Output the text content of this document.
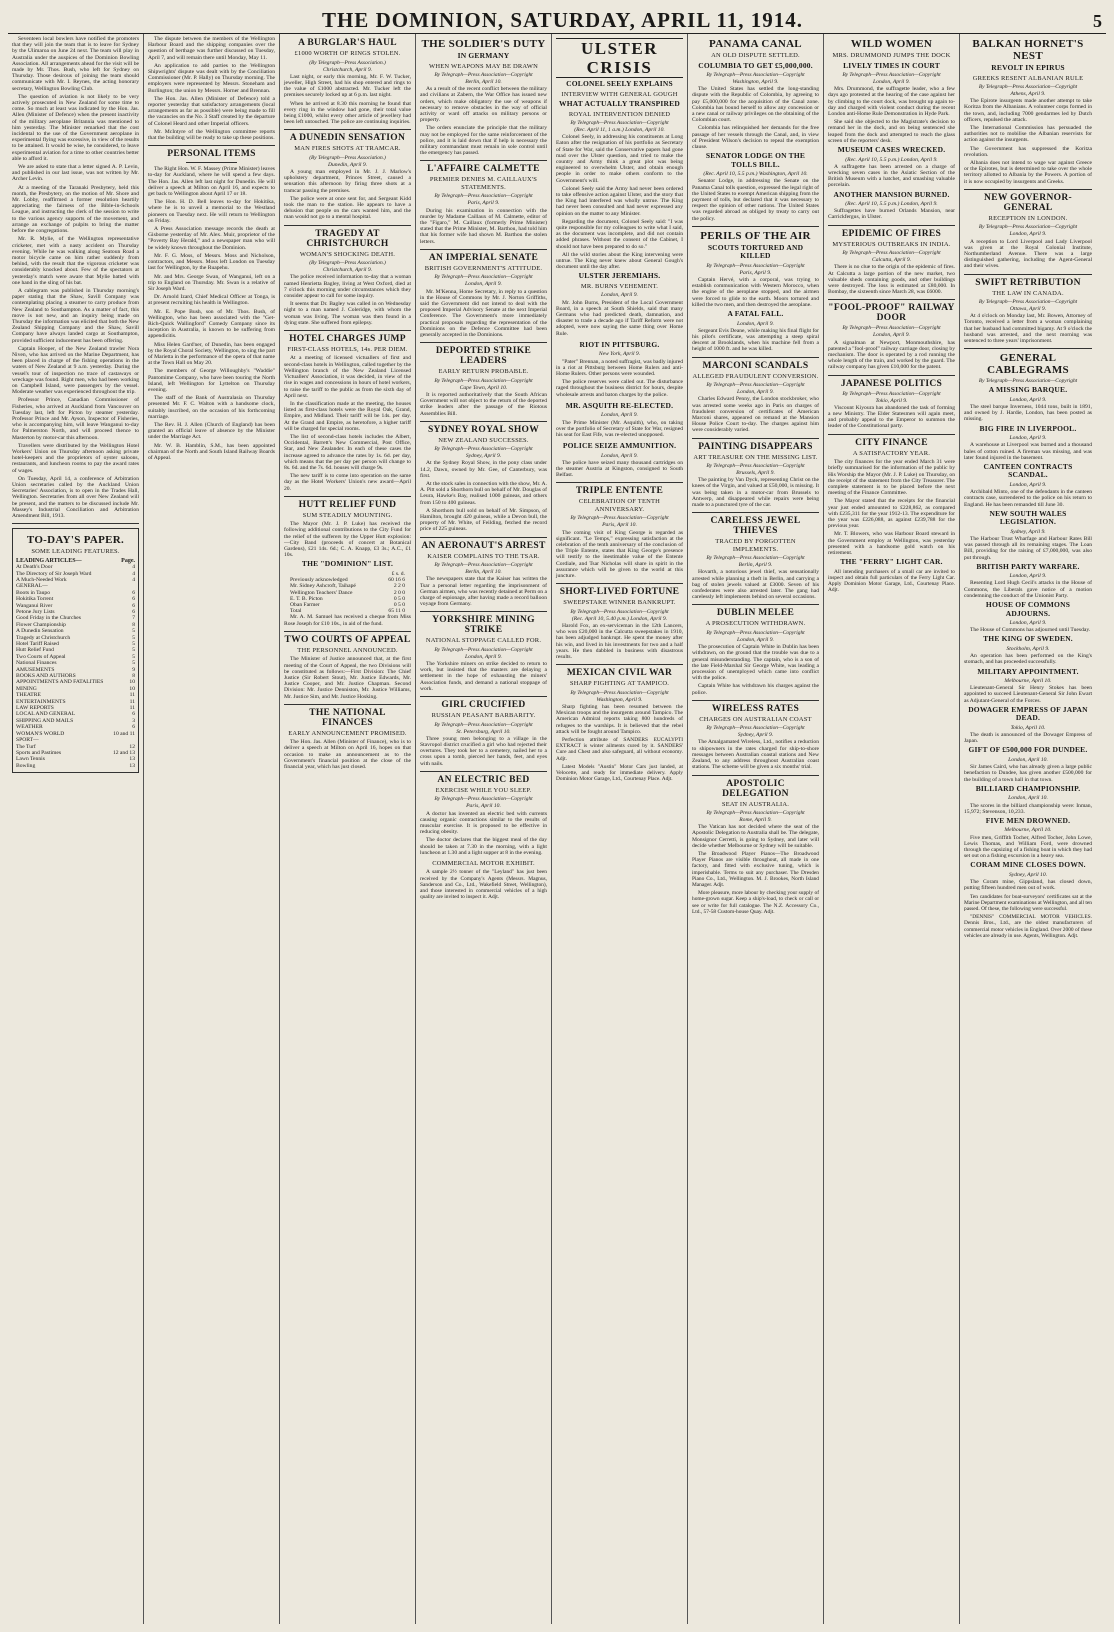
THE DOMINION, SATURDAY, APRIL 11, 1914.	5

Seventeen local bowlers have notified the promoters that they will join the team that is to leave for Sydney by the Ulimaroa on June 24 next. The team will play in Australia under the auspices of the Dominion Bowling Association. All arrangements ahead for the visit will be made by Mr. Thos. Bush, who left for Sydney on Thursday. Those desirous of joining the team should communicate with Mr. I. Reynes, the acting honorary secretary, Wellington Bowling Club.

The question of aviation is not likely to be very actively prosecuted in New Zealand for some time to come. So much at least was indicated by the Hon. Jas. Allen (Minister of Defence) when the present inactivity of the military aeroplane Britannia was mentioned to him yesterday. The Minister remarked that the cost incidental to the use of the Government aeroplane in experimental flying was excessive, in view of the results to be attained. It would be wise, he considered, to leave experimental aviation for a time to other countries better able to afford it.

We are asked to state that a letter signed A. P. Levin, and published in our last issue, was not written by Mr. Archer Levin.

At a meeting of the Taranaki Presbytery, held this month, the Presbytery, on the motion of Mr. Shore and Mr. Lobby, reaffirmed a former resolution heartily appreciating the fairness of the Bible-in-Schools League, and instructing the clerk of the session to write to the various agency supports of the movement, and arrange an exchange of pulpits to bring the matter before the congregations.

Mr. R. Mylie, of the Wellington representative cricketer, met with a nasty accident on Thursday evening. While he was walking along Seatoun Road a motor bicycle came on him rather suddenly from behind, with the result that the vigorous cricketer was considerably knocked about. Few of the spectators at yesterday's match were aware that Mylie batted with one hand in the sling of his bat.

A cablegram was published in Thursday morning's paper stating that the Shaw, Savill Company was contemplating placing a steamer to carry produce from New Zealand to Southampton. As a matter of fact, this move is not new, and an inquiry being made on Thursday the information was elicited that both the New Zealand Shipping Company and the Shaw, Savill Company have always landed cargo at Southampton, provided sufficient inducement has been offering.

Captain Hooper, of the New Zealand trawler Nora Niven, who has arrived on the Marine Department, has been placed in charge of the fishing operations in the waters of New Zealand at 9 a.m. yesterday. During the vessel's tour of inspection no trace of castaways or wreckage was found. Right men, who had been working on Campbell Island, were passengers by the vessel. Moderate weather was experienced throughout the trip.

Professor Prince, Canadian Commissioner of Fisheries, who arrived at Auckland from Vancouver on Tuesday last, left for Picton by steamer yesterday. Professor Prince and Mr. Ayson, Inspector of Fisheries, who is accompanying him, will leave Wanganui to-day for Palmerston North, and will proceed thence to Masterton by motor-car this afternoon.

Travellers were distributed by the Wellington Hotel Workers' Union on Thursday afternoon asking private hotel-keepers and the proprietors of oyster saloons, restaurants, and luncheon rooms to pay the award rates of wages.

On Tuesday, April 14, a conference of Arbitration Union secretaries called by the Auckland Union Secretaries' Association, is to open in the Trades Hall, Wellington. Secretaries from all over New Zealand will be present, and the matters to be discussed include Mr. Massey's Industrial Conciliation and Arbitration Amendment Bill, 1913.

TO-DAY'S PAPER.
SOME LEADING FEATURES.
LEADING ARTICLES—	Page.
At Death's Door	4
The Directory of Sir Joseph Ward	4
A Much-Needed Work	4
GENERAL—
Boots in Taupo	6
Hokitika Torrent	6
Wanganui River	6
Petone Jury Lists	6
Good Friday in the Churches	7
Flower Championship	8
A Dunedin Sensation	5
Tragedy at Christchurch	5
Hotel Tariff Raised	5
Hutt Relief Fund	5
Two Courts of Appeal	5
National Finances	5
AMUSEMENTS	9
BOOKS AND AUTHORS	8
APPOINTMENTS AND FATALITIES	10
MINING	10
THEATRE	11
ENTERTAINMENTS	11
LAW REPORTS	11
LOCAL AND GENERAL	6
SHIPPING AND MAILS	3
WEATHER	6
WOMAN'S WORLD	10 and 11
SPORT—
The Turf	12
Sports and Pastimes	12 and 13
Lawn Tennis	13
Bowling	13

The dispute between the members of the Wellington Harbour Board and the shipping companies over the question of berthage was further discussed on Tuesday, April 7, and will remain there until Monday, May 11.

An application to add parties to the Wellington Shipwrights' dispute was dealt with by the Conciliation Commissioner (Mr. P. Hally) on Thursday morning. The employers were represented by Messrs. Stoneham and Burlington; the union by Messrs. Horner and Brennan.

The Hon. Jas. Allen (Minister of Defence) told a reporter yesterday that satisfactory arrangements (local arrangements as far as possible) were being made to fill the vacancies on the No. 3 Staff created by the departure of Colonel Heard and other Imperial officers.

Mr. McIntyre of the Wellington committee reports that the building will be ready to take up these positions.

PERSONAL ITEMS

The Right Hon. W. F. Massey (Prime Minister) leaves to-day for Auckland, where he will spend a few days. The Hon. Jas. Allen left last night for Dunedin. He will deliver a speech at Milton on April 16, and expects to get back to Wellington about April 17 or 18.

The Hon. H. D. Bell leaves to-day for Hokitika, where he is to unveil a memorial to the Westland pioneers on Tuesday next. He will return to Wellington on Friday.

A Press Association message records the death at Gisborne yesterday of Mr. Alex. Muir, proprietor of the "Poverty Bay Herald," and a newspaper man who will be widely known throughout the Dominion.

Mr. F. G. Moss, of Messrs. Moss and Nicholson, contractors, and Messrs. Moss left London on Tuesday last for Wellington, by the Ruapehu.

Mr. and Mrs. George Swan, of Wanganui, left on a trip to England on Thursday. Mr. Swan is a relative of Sir Joseph Ward.

Dr. Arnold Izard, Chief Medical Officer at Tonga, is at present recruiting his health in Wellington.

Mr. E. Pope Bush, son of Mr. Thos. Bush, of Wellington, who has been associated with the "Get-Rich-Quick Wallingford" Comedy Company since its inception in Australia, is known to be suffering from appendicitis.

Miss Helen Gard'ner, of Dunedin, has been engaged by the Royal Choral Society, Wellington, to sing the part of Marietta in the performance of the opera of that name at the Town Hall on May 20.

The members of George Willoughby's "Waddie" Pantomime Company, who have been touring the North Island, left Wellington for Lyttelton on Thursday evening.

The staff of the Bank of Australasia on Thursday presented Mr. F. C. Walton with a handsome clock, suitably inscribed, on the occasion of his forthcoming marriage.

The Rev. H. J. Allen (Church of England) has been granted an official leave of absence by the Minister under the Marriage Act.

Mr. W. B. Hamblin, S.M., has been appointed chairman of the North and South Island Railway Boards of Appeal.

A BURGLAR'S HAUL
£1000 WORTH OF RINGS STOLEN.
(By Telegraph—Press Association.)
Christchurch, April 9.

Last night, or early this morning, Mr. F. W. Tucker, jeweller, High Street, had his shop entered and rings to the value of £1000 abstracted. Mr. Tucker left the premises securely locked up at 6 p.m. last night.

When he arrived at 8.30 this morning he found that every ring in the window had gone, their total value being £1000, whilst every other article of jewellery had been left untouched. The police are continuing inquiries.

A DUNEDIN SENSATION
MAN FIRES SHOTS AT TRAMCAR.
(By Telegraph—Press Association.)
Dunedin, April 9.

A young man employed in Mr. J. J. Marlow's upholstery department, Princes Street, caused a sensation this afternoon by firing three shots at a tramcar passing the premises.

The police were at once sent for, and Sergeant Kidd took the man to the station. He appears to have a delusion that people on the cars wanted him, and the man would not go to a mental hospital.

TRAGEDY AT CHRISTCHURCH
WOMAN'S SHOCKING DEATH.
(By Telegraph—Press Association.)
Christchurch, April 9.

The police received information to-day that a woman named Henrietta Bagley, living at West Oxford, died at 7 o'clock this morning under circumstances which they consider appear to call for some inquiry.

It seems that Dr. Bagley was called in on Wednesday night to a man named J. Coleridge, with whom the woman was living. The woman was then found in a dying state. She suffered from epilepsy.

HOTEL CHARGES JUMP
FIRST-CLASS HOTELS, 14s. PER DIEM.

At a meeting of licensed victuallers of first and second-class hotels in Wellington, called together by the Wellington branch of the New Zealand Licensed Victuallers' Association, it was decided, in view of the rise in wages and concessions in hours of hotel workers, to raise the tariff to the public as from the sixth day of April next.

In the classification made at the meeting, the houses listed as first-class hotels were the Royal Oak, Grand, Empire, and Midland. Their tariff will be 14s. per day. At the Grand and Empire, as heretofore, a higher tariff will be charged for special rooms.

The list of second-class hotels includes the Albert, Occidental, Barrett's New Commercial, Post Office, Star, and New Zealander. In each of these cases the increase agreed to advance the rates by 1s. 6d. per day, which means that the per day per person will change to 8s. 6d. and the 7s. 6d. houses will charge 9s.

The new tariff is to come into operation on the same day as the Hotel Workers' Union's new award—April 20.

HUTT RELIEF FUND
SUM STEADILY MOUNTING.

The Mayor (Mr. J. P. Luke) has received the following additional contributions to the City Fund for the relief of the sufferers by the Upper Hutt explosion:—City Band (proceeds of concert at Botanical Gardens), £21 14s. 6d.; C. A. Knapp, £3 3s.; A.C., £1 10s.

THE "DOMINION" LIST.
£ s. d.
Previously acknowledged	60 16 6
Mr. Sidney Ashcroft, Taihapé	2 2 0
Wellington Teachers' Dance	2 0 0
E. T. B. Picton	0 5 0
Oban Farmer	0 5 0
Total	65 11 0

Mr. A. M. Samuel has received a cheque from Miss Rose Joseph for £10 10s., in aid of the fund.

TWO COURTS OF APPEAL
THE PERSONNEL ANNOUNCED.

The Minister of Justice announced that, at the first meeting of the Court of Appeal, the two Divisions will be constituted as follows:—First Division: The Chief Justice (Sir Robert Stout), Mr. Justice Edwards, Mr. Justice Cooper, and Mr. Justice Chapman. Second Division: Mr. Justice Denniston, Mr. Justice Williams, Mr. Justice Sim, and Mr. Justice Hosking.

THE NATIONAL FINANCES
EARLY ANNOUNCEMENT PROMISED.

The Hon. Jas. Allen (Minister of Finance), who is to deliver a speech at Milton on April 16, hopes on that occasion to make an announcement as to the Government's financial position at the close of the financial year, which has just closed.

THE SOLDIER'S DUTY
IN GERMANY
WHEN WEAPONS MAY BE DRAWN
By Telegraph—Press Association—Copyright
Berlin, April 10.

As a result of the recent conflict between the military and civilians at Zabern, the War Office has issued new orders, which make obligatory the use of weapons if necessary to remove obstacles in the way of official activity or ward off attacks on military persons or property.

The orders enunciate the principle that the military may not be employed for the same reinforcement of the police, and it is laid down that if help is necessary the military commandant must remain in sole control until the emergency has passed.

L'AFFAIRE CALMETTE
PREMIER DENIES M. CAILLAUX'S STATEMENTS.
By Telegraph—Press Association—Copyright
Paris, April 9.

During his examination in connection with the murder by Madame Caillaux of M. Calmette, editor of the "Figaro," M. Caillaux (formerly Prime Minister) stated that the Prime Minister, M. Barthou, had told him that his former wife had shown M. Barthou the stolen letters.

AN IMPERIAL SENATE
BRITISH GOVERNMENT'S ATTITUDE.
By Telegraph—Press Association—Copyright
London, April 9.

Mr. M'Kenna, Home Secretary, in reply to a question in the House of Commons by Mr. J. Norton Griffiths, said the Government did not intend to deal with the proposed Imperial Advisory Senate at the next Imperial Conference. The Government's more immediately practical proposals regarding the representation of the Dominions on the Defence Committee had been generally accepted in the Dominions.

DEPORTED STRIKE LEADERS
EARLY RETURN PROBABLE.
By Telegraph—Press Association—Copyright
Cape Town, April 10.

It is reported authoritatively that the South African Government will not object to the return of the deported strike leaders after the passage of the Riotous Assemblies Bill.

SYDNEY ROYAL SHOW
NEW ZEALAND SUCCESSES.
By Telegraph—Press Association—Copyright
Sydney, April 9.

At the Sydney Royal Show, in the pony class under 14.2, Dawn, owned by Mr. Gee, of Canterbury, was first.

At the stock sales in connection with the show, Mr. A. A. Pitt sold a Shorthorn bull on behalf of Mr. Douglas of Leura, Hawke's Bay, realised 1000 guineas, and others from 150 to 400 guineas.

A Shorthorn bull sold on behalf of Mr. Simpson, of Hamilton, brought 420 guineas, while a Devon bull, the property of Mr. White, of Feilding, fetched the record price of 225 guineas.

AN AERONAUT'S ARREST
KAISER COMPLAINS TO THE TSAR.
By Telegraph—Press Association—Copyright
Berlin, April 10.

The newspapers state that the Kaiser has written the Tsar a personal letter regarding the imprisonment of German airmen, who was recently detained at Perm on a charge of espionage, after having made a record balloon voyage from Germany.

YORKSHIRE MINING STRIKE
NATIONAL STOPPAGE CALLED FOR.
By Telegraph—Press Association—Copyright
London, April 9.

The Yorkshire miners on strike decided to return to work, but insisted that the masters are delaying a settlement in the hope of exhausting the miners' Association funds, and demand a national stoppage of work.

GIRL CRUCIFIED
RUSSIAN PEASANT BARBARITY.
By Telegraph—Press Association—Copyright
St. Petersburg, April 10.

Three young men belonging to a village in the Stavropol district crucified a girl who had rejected their overtures. They took her to a cemetery, nailed her to a cross upon a tomb, pierced her hands, feet, and eyes with nails.

AN ELECTRIC BED
EXERCISE WHILE YOU SLEEP.
By Telegraph—Press Association—Copyright
Paris, April 10.

A doctor has invented an electric bed with currents causing organic contractions similar to the results of muscular exercise. It is proposed to be effective in reducing obesity.

The doctor declares that the biggest meal of the day should be taken at 7.30 in the morning, with a light luncheon at 1.30 and a light supper at 8 in the evening.

COMMERCIAL MOTOR EXHIBIT.

A sample 2½ tonner of the "Leyland" has just been received by the Company's Agents (Messrs. Magnus, Sanderson and Co., Ltd., Wakefield Street, Wellington), and those interested in commercial vehicles of a high quality are invited to inspect it. Adjt.

ULSTER CRISIS
COLONEL SEELY EXPLAINS
INTERVIEW WITH GENERAL GOUGH
WHAT ACTUALLY TRANSPIRED
ROYAL INTERVENTION DENIED
By Telegraph—Press Association—Copyright
(Rec. April 11, 1 a.m.) London, April 10.

Colonel Seely, in addressing his constituents at Long Eaton after the resignation of his portfolio as Secretary of State for War, said the Conservative papers had gone mad over the Ulster question, and tried to make the country and Army think a great plot was being engineered to overwhelm Ulster, and obtain enough people in order to make others conform to the Government's will.

Colonel Seely said the Army had never been ordered to take offensive action against Ulster, and the story that the King had interfered was wholly untrue. The King had never been consulted and had never expressed any opinion on the matter to any Minister.

Regarding the document, Colonel Seely said: "I was quite responsible for my colleagues to write what I said, as the document was incomplete, and did not contain added phrases. Without the consent of the Cabinet, I should not have been prepared to do so."

All the wild stories about the King intervening were untrue. The King never knew about General Gough's document until the day after.

ULSTER JEREMIAHS.
MR. BURNS VEHEMENT.
London, April 9.

Mr. John Burns, President of the Local Government Board, in a speech at South Shields, said that many Germans who had predicted death, damnation, and disaster to trade a decade ago if Tariff Reform were not adopted, were now saying the same thing over Home Rule.

RIOT IN PITTSBURG.
New York, April 9.

"Pater" Brennan, a noted suffragist, was badly injured in a riot at Pittsburg between Home Rulers and anti-Home Rulers. Other persons were wounded.

The police reserves were called out. The disturbance raged throughout the business district for hours, despite wholesale arrests and baton charges by the police.

MR. ASQUITH RE-ELECTED.
London, April 9.

The Prime Minister (Mr. Asquith), who, on taking over the portfolio of Secretary of State for War, resigned his seat for East Fife, was re-elected unopposed.

POLICE SEIZE AMMUNITION.
London, April 9.

The police have seized many thousand cartridges on the steamer Austria at Kingston, consigned to South Belfast.

TRIPLE ENTENTE
CELEBRATION OF TENTH ANNIVERSARY.
By Telegraph—Press Association—Copyright
Paris, April 10.

The coming visit of King George is regarded as significant. "Le Temps," expressing satisfaction at the celebration of the tenth anniversary of the conclusion of the Triple Entente, states that King George's presence will testify to the inestimable value of the Entente Cordiale, and Tsar Nicholas will share in spirit in the assurance which will be given to the world at this juncture.

SHORT-LIVED FORTUNE
SWEEPSTAKE WINNER BANKRUPT.
By Telegraph—Press Association—Copyright
(Rec. April 10, 5.40 p.m.) London, April 9.

Harold Fox, an ex-serviceman in the 12th Lancers, who won £20,000 in the Calcutta sweepstakes in 1910, has been adjudged bankrupt. He spent the money after his win, and lived in his investments for two and a half years. He then dabbled in business with disastrous results.

MEXICAN CIVIL WAR
SHARP FIGHTING AT TAMPICO.
By Telegraph—Press Association—Copyright
Washington, April 9.

Sharp fighting has been resumed between the Mexican troops and the insurgents around Tampico. The American Admiral reports taking 800 hundreds of refugees to the warships. It is believed that the rebel attack will be fought around Tampico.

Perfection attribute of SANDERS EUCALYPTI EXTRACT is winter ailments cured by it. SANDERS' Cure and Chest and also safeguard, all without economy. Adjt.

Latest Models "Austin" Motor Cars just landed, at Velocette, and ready for immediate delivery. Apply Dominion Motor Garage, Ltd., Courtenay Place. Adjt.

PANAMA CANAL
AN OLD DISPUTE SETTLED.
COLUMBIA TO GET £5,000,000.
By Telegraph—Press Association—Copyright
Washington, April 9.

The United States has settled the long-standing dispute with the Republic of Colombia, by agreeing to pay £5,000,000 for the acquisition of the Canal zone. Colombia has bound herself to allow any concession or a new canal or railway privileges on the obtaining of the Colombian court.

Colombia has relinquished her demands for the free passage of her vessels through the Canal, and, in view of President Wilson's decision to repeal the exemption clause.

SENATOR LODGE ON THE TOLLS BILL.
(Rec. April 10, 5.5 p.m.) Washington, April 10.

Senator Lodge, in addressing the Senate on the Panama Canal tolls question, expressed the legal right of the United States to exempt American shipping from the payment of tolls, but declared that it was necessary to respect the opinion of other nations. The United States was regarded abroad as obliged by treaty to carry out the policy.

PERILS OF THE AIR
SCOUTS TORTURED AND KILLED
By Telegraph—Press Association—Copyright
Paris, April 9.

Captain Hervé, with a corporal, was trying to establish communication with Western Morocco, when the engine of the aeroplane stopped, and the airmen were forced to glide to the earth. Moors tortured and killed the two men, and then destroyed the aeroplane.

A FATAL FALL.
London, April 9.

Sergeant Evis Deane, while making his final flight for his pilot's certificate, was attempting a steep spiral descent at Brooklands, when his machine fell from a height of 1000 ft. and he was killed.

MARCONI SCANDALS
ALLEGED FRAUDULENT CONVERSION.
By Telegraph—Press Association—Copyright
London, April 9.

Charles Edward Penny, the London stockbroker, who was arrested some weeks ago in Paris on charges of fraudulent conversion of certificates of American Marconi shares, appeared on remand at the Mansion House Police Court to-day. The charges against him were considerably varied.

PAINTING DISAPPEARS
ART TREASURE ON THE MISSING LIST.
By Telegraph—Press Association—Copyright
Brussels, April 9.

The painting by Van Dyck, representing Christ on the knees of the Virgin, and valued at £50,000, is missing. It was being taken in a motor-car from Brussels to Antwerp, and disappeared while repairs were being made to a punctured tyre of the car.

CARELESS JEWEL THIEVES
TRACED BY FORGOTTEN IMPLEMENTS.
By Telegraph—Press Association—Copyright
Berlin, April 9.

Hovarth, a notorious jewel thief, was sensationally arrested while planning a theft in Berlin, and carrying a bag of stolen jewels valued at £3000. Seven of his confederates were also arrested later. The gang had carelessly left implements behind on several occasions.

DUBLIN MELEE
A PROSECUTION WITHDRAWN.
By Telegraph—Press Association—Copyright
London, April 9.

The prosecution of Captain White in Dublin has been withdrawn, on the ground that the trouble was due to a general misunderstanding. The captain, who is a son of the late Field-Marshal Sir George White, was leading a procession of unemployed which came into conflict with the police.

Captain White has withdrawn his charges against the police.

WIRELESS RATES
CHARGES ON AUSTRALIAN COAST
By Telegraph—Press Association—Copyright
Sydney, April 9.

The Amalgamated Wireless, Ltd., notifies a reduction to shipowners in the rates charged for ship-to-shore messages between Australian coastal stations and New Zealand, to any address throughout Australian coast stations. The scheme will be given a six months' trial.

APOSTOLIC DELEGATION
SEAT IN AUSTRALIA.
By Telegraph—Press Association—Copyright
Rome, April 9.

The Vatican has not decided where the seat of the Apostolic Delegation to Australia shall be. The delegate, Monsignor Cerretti, is going to Sydney, and later will decide whether Melbourne or Sydney will be suitable.

The Broadwood Player Pianos—The Broadwood Player Pianos are visible throughout, all made in one factory, and fitted with exclusive tuning, which is imperishable. Terms to suit any purchaser. The Dresden Piano Co., Ltd., Wellington. M. J. Brookes, North Island Manager. Adjt.

More pleasure, more labour by checking your supply of home-grown sugar. Keep a ship's-load, to check or call or see or write for full catalogue. The N.Z. Accessory Co., Ltd., 57-58 Custom-house Quay. Adjt.

WILD WOMEN
MRS. DRUMMOND JUMPS THE DOCK
LIVELY TIMES IN COURT
By Telegraph—Press Association—Copyright
London, April 9.

Mrs. Drummond, the suffragette leader, who a few days ago protested at the hearing of the case against her by climbing to the court dock, was brought up again to-day and charged with violent conduct during the recent London anti-Home Rule Demonstration in Hyde Park.

She said she objected to the Magistrate's decision to remand her in the dock, and on being sentenced she leaped from the dock and attempted to reach the glass screen of the reporters' desk.

MUSEUM CASES WRECKED.
(Rec. April 10, 5.5 p.m.) London, April 9.

A suffragette has been arrested on a charge of wrecking seven cases in the Asiatic Section of the British Museum with a hatchet, and smashing valuable porcelain.

ANOTHER MANSION BURNED.
(Rec. April 10, 5.5 p.m.) London, April 9.

Suffragettes have burned Orlands Mansion, near Carrickfergus, in Ulster.

EPIDEMIC OF FIRES
MYSTERIOUS OUTBREAKS IN INDIA.
By Telegraph—Press Association—Copyright
Calcutta, April 9.

There is no clue to the origin of the epidemic of fires. At Calcutta a large portion of the new market, two valuable sheds containing goods, and other buildings were destroyed. The loss is estimated at £80,000. In Bombay, the sixteenth since March 28, was £6000.

"FOOL-PROOF" RAILWAY DOOR
By Telegraph—Press Association—Copyright
London, April 9.

A signalman at Newport, Monmouthshire, has patented a "fool-proof" railway carriage door, closing by mechanism. The door is operated by a rod running the whole length of the train, and worked by the guard. The railway company has given £10,000 for the patent.

JAPANESE POLITICS
By Telegraph—Press Association—Copyright
Tokio, April 9.

Viscount Kiyoura has abandoned the task of forming a new Ministry. The Elder Statesmen will again meet, and probably appeal to the Emperor to summon the leader of the Constitutional party.

CITY FINANCE
A SATISFACTORY YEAR.

The city finances for the year ended March 31 were briefly summarised for the information of the public by His Worship the Mayor (Mr. J. P. Luke) on Thursday, on the receipt of the statement from the City Treasurer. The complete statement is to be placed before the next meeting of the Finance Committee.

The Mayor stated that the receipts for the financial year just ended amounted to £228,862, as compared with £235,311 for the year 1912-13. The expenditure for the year was £226,088, as against £239,788 for the previous year.

Mr. T. Blowers, who was Harbour Board steward in the Government employ at Wellington, was yesterday presented with a handsome gold watch on his retirement.

THE "FERRY" LIGHT CAR.

All intending purchasers of a small car are invited to inspect and obtain full particulars of the Ferry Light Car. Apply Dominion Motor Garage, Ltd., Courtenay Place. Adjt.

BALKAN HORNET'S NEST
REVOLT IN EPIRUS
GREEKS RESENT ALBANIAN RULE
By Telegraph—Press Association—Copyright
Athens, April 9.

The Epirote insurgents made another attempt to take Koritza from the Albanians. A volunteer corps formed in the town, and, including 7000 gendarmes led by Dutch officers, repulsed the attack.

The International Commission has persuaded the authorities not to mobilise the Albanian reservists for action against the insurgents.

The Government has suppressed the Koritza revolution.

Albania does not intend to wage war against Greece or the Epirotes, but is determined to take over the whole territory allotted to Albania by the Powers. A portion of it is now occupied by insurgents and Greeks.

NEW GOVERNOR-GENERAL
RECEPTION IN LONDON.
By Telegraph—Press Association—Copyright
London, April 9.

A reception to Lord Liverpool and Lady Liverpool was given at the Royal Colonial Institute, Northumberland Avenue. There was a large distinguished gathering, including the Agent-General and their wives.

SWIFT RETRIBUTION
THE LAW IN CANADA.
By Telegraph—Press Association—Copyright
Ottawa, April 9.

At 4 o'clock on Monday last, Mr. Bowen, Attorney of Toronto, received a letter from a woman complaining that her husband had committed bigamy. At 9 o'clock the husband was arrested, and the next morning was sentenced to three years' imprisonment.

GENERAL CABLEGRAMS
By Telegraph—Press Association—Copyright
A MISSING BARQUE.
London, April 9.

The steel barque Inverness, 1044 tons, built in 1891, and owned by J. Hardie, London, has been posted as missing.

BIG FIRE IN LIVERPOOL.
London, April 9.

A warehouse at Liverpool was burned and a thousand bales of cotton ruined. A fireman was missing, and was later found injured in the basement.

CANTEEN CONTRACTS SCANDAL.
London, April 9.

Archibald Minto, one of the defendants in the canteen contracts case, surrendered to the police on his return to England. He has been remanded till June 30.

NEW SOUTH WALES LEGISLATION.
Sydney, April 9.

The Harbour Trust Wharfage and Harbour Rates Bill was passed through all its remaining stages. The Loan Bill, providing for the raising of £7,000,000, was also put through.

BRITISH PARTY WARFARE.
London, April 9.

Resenting Lord Hugh Cecil's attacks in the House of Commons, the Liberals gave notice of a motion condemning the conduct of the Unionist Party.

HOUSE OF COMMONS ADJOURNS.
London, April 9.

The House of Commons has adjourned until Tuesday.

THE KING OF SWEDEN.
Stockholm, April 9.

An operation has been performed on the King's stomach, and has proceeded successfully.

MILITARY APPOINTMENT.
Melbourne, April 10.

Lieutenant-General Sir Henry Stokes has been appointed to succeed Lieutenant-General Sir John Ewart as Adjutant-General of the Forces.

DOWAGER EMPRESS OF JAPAN DEAD.
Tokio, April 10.

The death is announced of the Dowager Empress of Japan.

GIFT OF £500,000 FOR DUNDEE.
London, April 10.

Sir James Caird, who has already given a large public benefaction to Dundee, has given another £500,000 for the building of a town hall in that town.

BILLIARD CHAMPIONSHIP.
London, April 10.

The scores in the billiard championship were: Inman, 15,972; Stevenson, 10,233.

FIVE MEN DROWNED.
Melbourne, April 10.

Five men, Griffith Tocher, Alfred Tocher, John Lowe, Lewis Thomas, and William Ford, were drowned through the capsizing of a fishing boat in which they had set out on a fishing excursion in a heavy sea.

CORAM MINE CLOSES DOWN.
Sydney, April 10.

The Coram mine, Gippsland, has closed down, putting fifteen hundred men out of work.

Ten candidates for boat-surveyors' certificates sat at the Marine Department examinations at Wellington, and all ten passed. Of these, the following were successful.

"DENNIS" COMMERCIAL MOTOR VEHICLES. Dennis Bros., Ltd., are the oldest manufacturers of commercial motor vehicles in England. Over 2000 of these vehicles are already in use. Agents, Wellington. Adjt.
